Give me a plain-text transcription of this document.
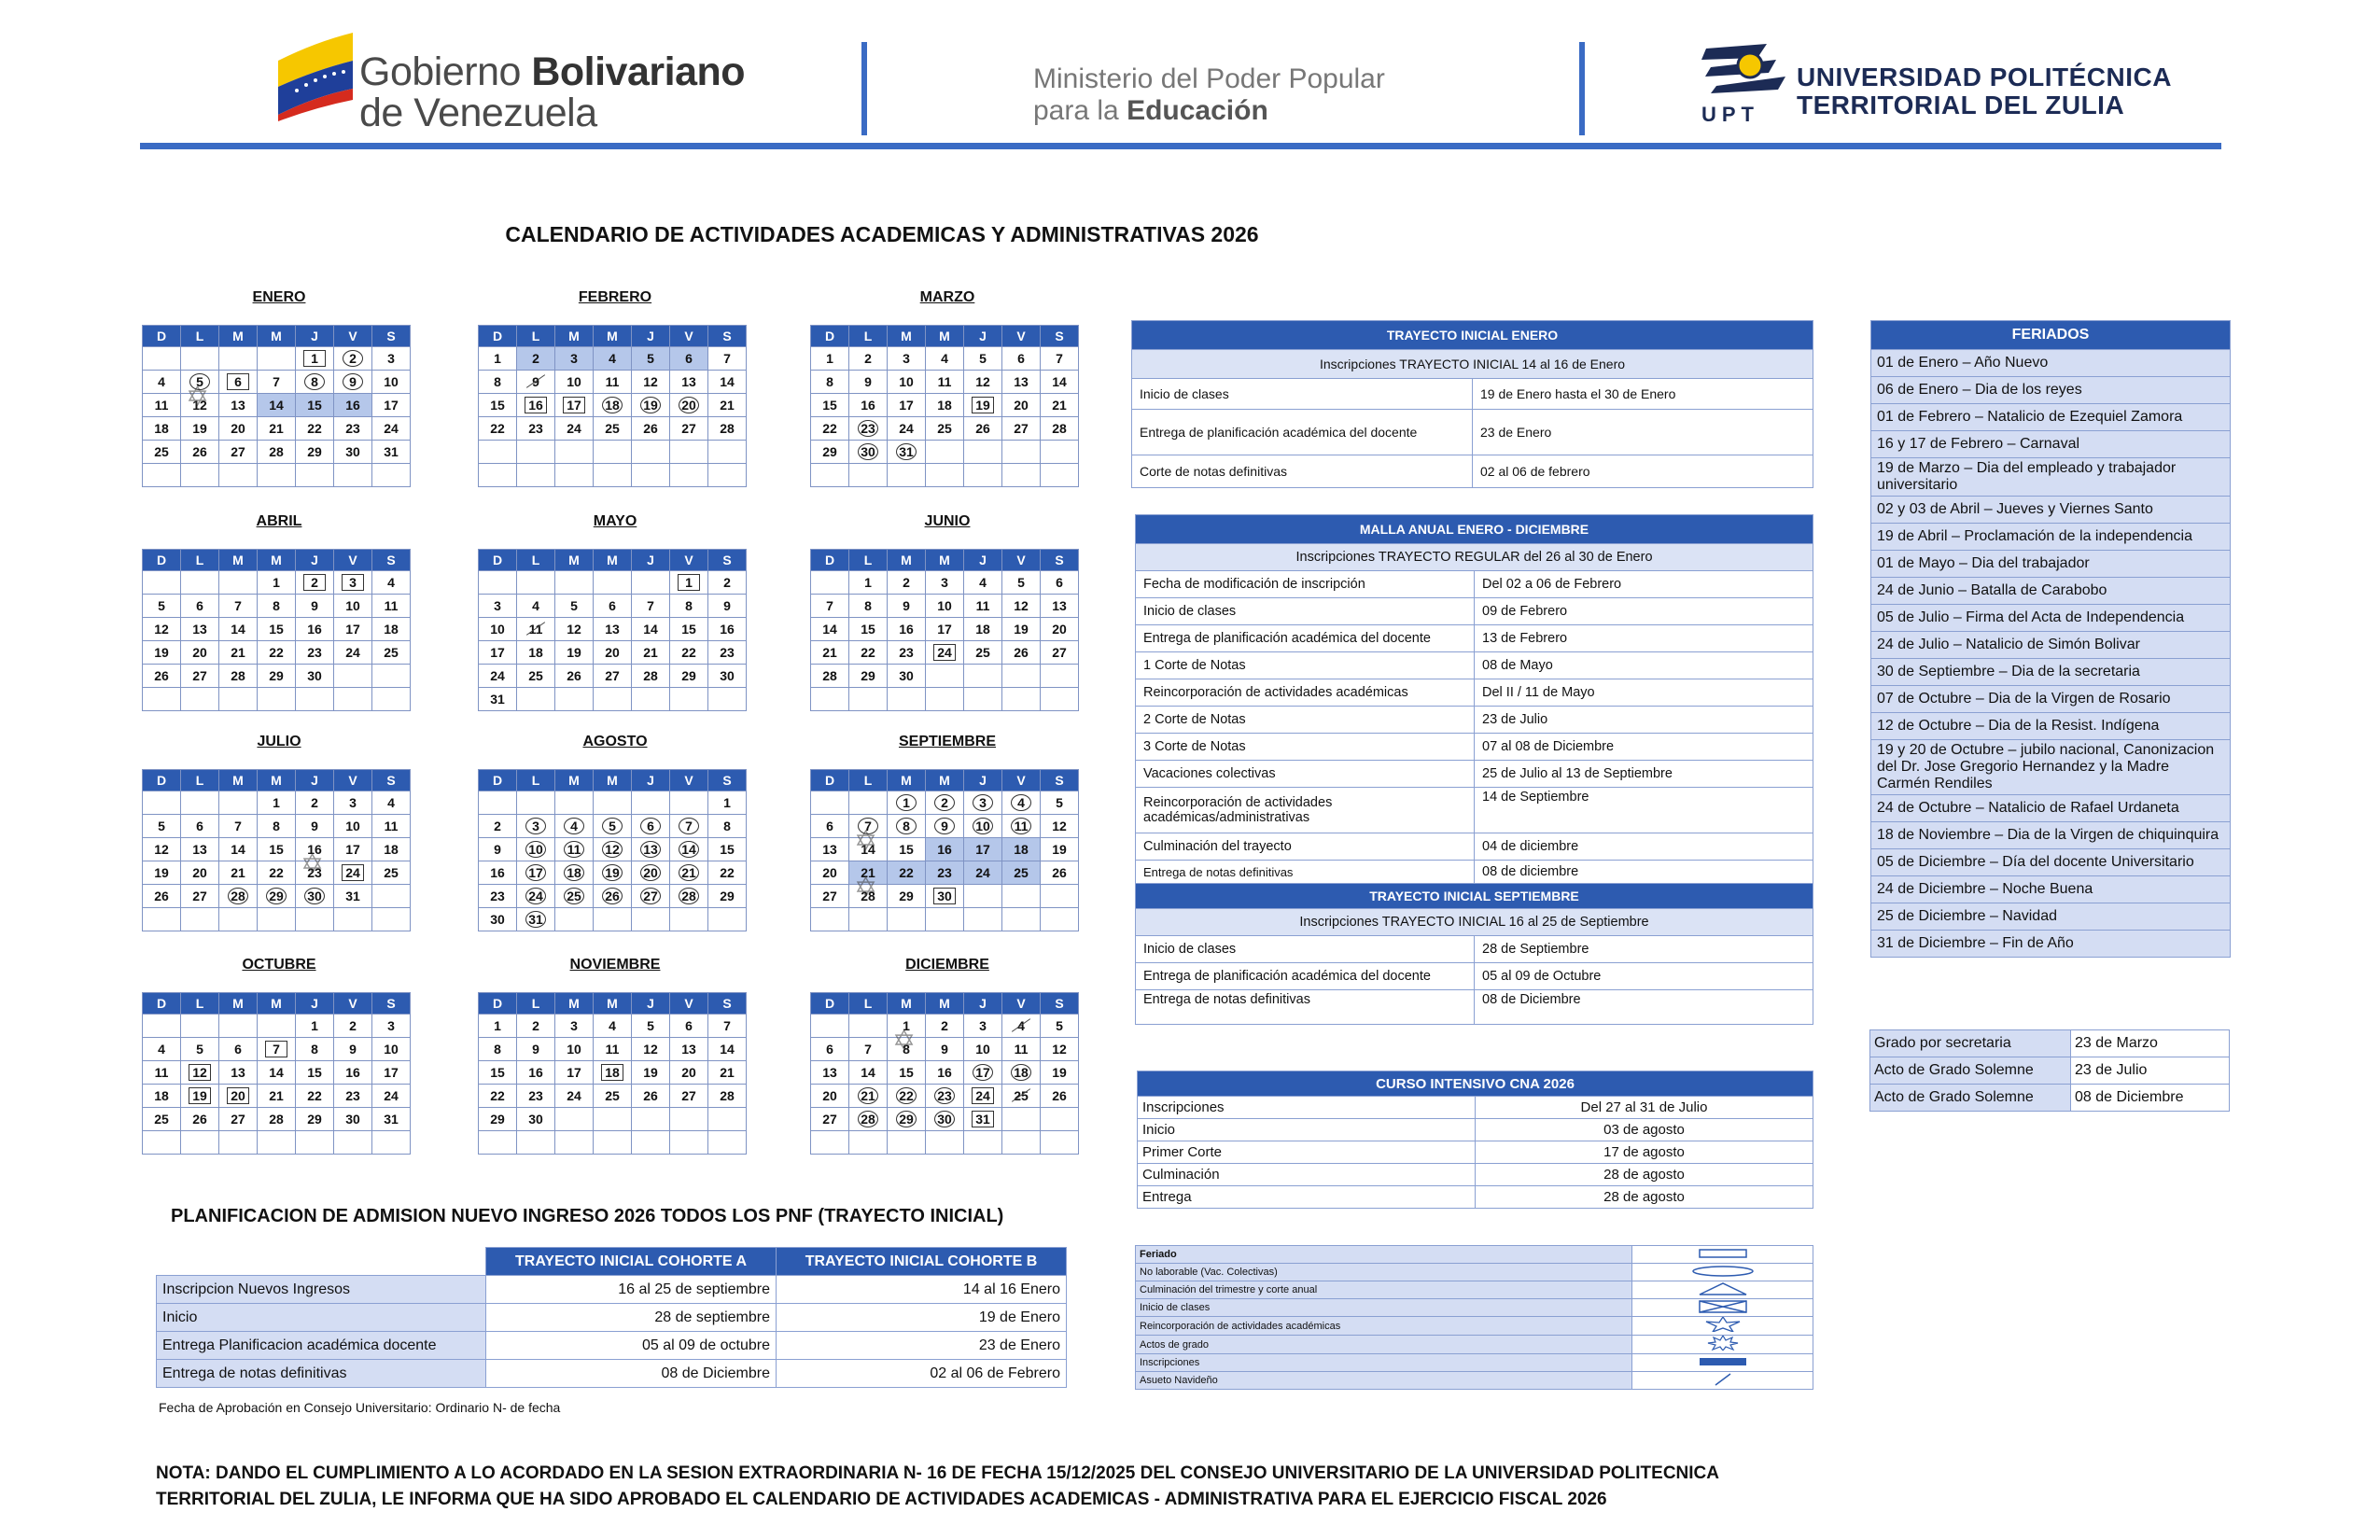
Gobierno Bolivariano
de Venezuela
Ministerio del Poder Popular
para la Educación	UPT
UNIVERSIDAD POLITÉCNICA
TERRITORIAL DEL ZULIA
CALENDARIO DE ACTIVIDADES ACADEMICAS Y ADMINISTRATIVAS 2026
ENERO
D	L	M	M	J	V	S
				1	2	3
4	5	6	7	8	9	10
11	✡ 12	13	14	15	16	17
18	19	20	21	22	23	24
25	26	27	28	29	30	31

FEBRERO
D	L	M	M	J	V	S
1	2	3	4	5	6	7
8	9	10	11	12	13	14
15	16	17	18	19	20	21
22	23	24	25	26	27	28

MARZO
D	L	M	M	J	V	S
1	2	3	4	5	6	7
8	9	10	11	12	13	14
15	16	17	18	19	20	21
22	23	24	25	26	27	28
29	30	31				

ABRIL
D	L	M	M	J	V	S
			1	2	3	4
5	6	7	8	9	10	11
12	13	14	15	16	17	18
19	20	21	22	23	24	25
26	27	28	29	30		

MAYO
D	L	M	M	J	V	S
					1	2
3	4	5	6	7	8	9
10	11	12	13	14	15	16
17	18	19	20	21	22	23
24	25	26	27	28	29	30
31						
JUNIO
D	L	M	M	J	V	S
	1	2	3	4	5	6
7	8	9	10	11	12	13
14	15	16	17	18	19	20
21	22	23	24	25	26	27
28	29	30				

JULIO
D	L	M	M	J	V	S
			1	2	3	4
5	6	7	8	9	10	11
12	13	14	15	16	17	18
19	20	21	22	✡ 23	24	25
26	27	28	29	30	31	

AGOSTO
D	L	M	M	J	V	S
						1
2	3	4	5	6	7	8
9	10	11	12	13	14	15
16	17	18	19	20	21	22
23	24	25	26	27	28	29
30	31					
SEPTIEMBRE
D	L	M	M	J	V	S
		1	2	3	4	5
6	7	8	9	10	11	12
13	✡ 14	15	16	17	18	19
20	21	22	23	24	25	26
27	✡ 28	29	30			

OCTUBRE
D	L	M	M	J	V	S
				1	2	3
4	5	6	7	8	9	10
11	12	13	14	15	16	17
18	19	20	21	22	23	24
25	26	27	28	29	30	31

NOVIEMBRE
D	L	M	M	J	V	S
1	2	3	4	5	6	7
8	9	10	11	12	13	14
15	16	17	18	19	20	21
22	23	24	25	26	27	28
29	30					

DICIEMBRE
D	L	M	M	J	V	S
		1	2	3	4	5
6	7	✡ 8	9	10	11	12
13	14	15	16	17	18	19
20	21	22	23	24	25	26
27	28	29	30	31		

TRAYECTO INICIAL ENERO	
Inscripciones TRAYECTO INICIAL 14 al 16 de Enero	
Inicio de clases	19 de Enero hasta el 30 de Enero
Entrega de planificación académica del docente	23 de Enero
Corte de notas definitivas	02 al 06 de febrero
MALLA ANUAL ENERO - DICIEMBRE	
Inscripciones TRAYECTO REGULAR del 26 al 30 de Enero	
Fecha de modificación de inscripción	Del 02 a 06 de Febrero
Inicio de clases	09 de Febrero
Entrega de planificación académica del docente	13 de Febrero
1 Corte de Notas	08 de Mayo
Reincorporación de actividades académicas	Del II / 11 de Mayo
2 Corte de Notas	23 de Julio
3 Corte de Notas	07 al 08 de Diciembre
Vacaciones colectivas	25 de Julio al 13 de Septiembre
Reincorporación de actividades académicas/administrativas	14 de Septiembre
Culminación del trayecto	04 de diciembre
Entrega de notas definitivas	08 de diciembre
TRAYECTO INICIAL SEPTIEMBRE	
Inscripciones TRAYECTO INICIAL 16 al 25 de Septiembre	
Inicio de clases	28 de Septiembre
Entrega de planificación académica del docente	05 al 09 de Octubre
Entrega de notas definitivas	08 de Diciembre
CURSO INTENSIVO CNA 2026	
Inscripciones	Del 27 al 31 de Julio
Inicio	03 de agosto
Primer Corte	17 de agosto
Culminación	28 de agosto
Entrega	28 de agosto
Feriado	
No laborable (Vac. Colectivas)	
Culminación del trimestre y corte anual	
Inicio de clases	
Reincorporación de actividades académicas	
Actos de grado	
Inscripciones	
Asueto Navideño	
FERIADOS
01 de Enero – Año Nuevo
06 de Enero – Dia de los reyes
01 de Febrero – Natalicio de Ezequiel Zamora
16 y 17 de Febrero – Carnaval
19 de Marzo – Dia del empleado y trabajador universitario
02 y 03 de Abril – Jueves y Viernes Santo
19 de Abril – Proclamación de la independencia
01 de Mayo – Dia del trabajador
24 de Junio – Batalla de Carabobo
05 de Julio – Firma del Acta de Independencia
24 de Julio – Natalicio de Simón Bolivar
30 de Septiembre – Dia de la secretaria
07 de Octubre – Dia de la Virgen de Rosario
12 de Octubre – Dia de la Resist. Indígena
19 y 20 de Octubre – jubilo nacional, Canonizacion del Dr. Jose Gregorio Hernandez y la Madre Carmén Rendiles
24 de Octubre – Natalicio de Rafael Urdaneta
18 de Noviembre – Dia de la Virgen de chiquinquira
05 de Diciembre – Día del docente Universitario
24 de Diciembre – Noche Buena
25 de Diciembre – Navidad
31 de Diciembre – Fin de Año
Grado por secretaria	23 de Marzo
Acto de Grado Solemne	23 de Julio
Acto de Grado Solemne	08 de Diciembre
PLANIFICACION DE ADMISION NUEVO INGRESO 2026 TODOS LOS PNF (TRAYECTO INICIAL)
	TRAYECTO INICIAL COHORTE A	TRAYECTO INICIAL COHORTE B
Inscripcion Nuevos Ingresos	16 al 25 de septiembre	14 al 16 Enero
Inicio	28 de septiembre	19 de Enero
Entrega Planificacion académica docente	05 al 09 de octubre	23 de Enero
Entrega de notas definitivas	08 de Diciembre	02 al 06 de Febrero
Fecha de Aprobación en Consejo Universitario: Ordinario N- de fecha
NOTA: DANDO EL CUMPLIMIENTO A LO ACORDADO EN LA SESION EXTRAORDINARIA N- 16 DE FECHA 15/12/2025 DEL CONSEJO UNIVERSITARIO DE LA UNIVERSIDAD POLITECNICA
TERRITORIAL DEL ZULIA, LE INFORMA QUE HA SIDO APROBADO EL CALENDARIO DE ACTIVIDADES ACADEMICAS - ADMINISTRATIVA PARA EL EJERCICIO FISCAL 2026
